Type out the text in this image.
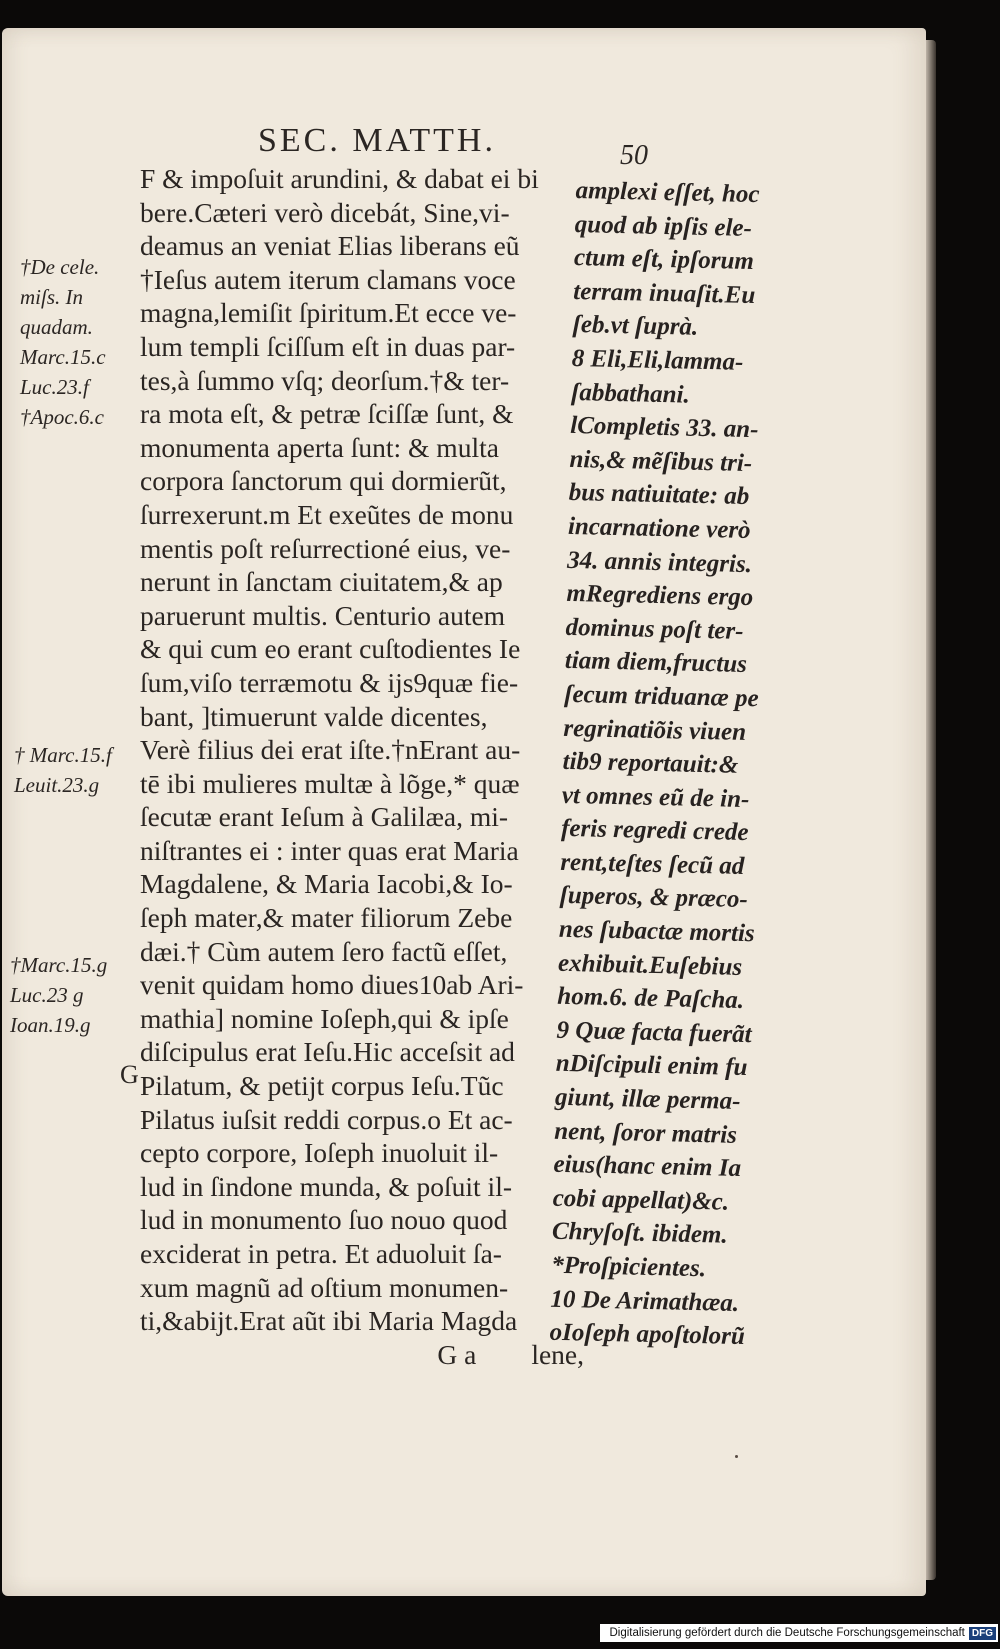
SEC. MATTH.	50
F & impoſuit arundini, & dabat ei bi
bere.Cæteri verò dicebát, Sine,vi-
deamus an veniat Elias liberans eũ
†Ieſus autem iterum clamans voce
magna,lemiſit ſpiritum.Et ecce ve-
lum templi ſciſſum eſt in duas par-
tes,à ſummo vſq; deorſum.†& ter-
ra mota eſt, & petræ ſciſſæ ſunt, &
monumenta aperta ſunt: & multa
corpora ſanctorum qui dormierũt,
ſurrexerunt.m Et exeũtes de monu
mentis poſt reſurrectioné eius, ve-
nerunt in ſanctam ciuitatem,& ap
paruerunt multis. Centurio autem
& qui cum eo erant cuſtodientes Ie
ſum,viſo terræmotu & ijs9quæ fie-
bant, ]timuerunt valde dicentes,
Verè filius dei erat iſte.†nErant au-
tē ibi mulieres multæ à lõge,* quæ
ſecutæ erant Ieſum à Galilæa, mi-
niſtrantes ei : inter quas erat Maria
Magdalene, & Maria Iacobi,& Io-
ſeph mater,& mater filiorum Zebe
dæi.† Cùm autem ſero factũ eſſet,
venit quidam homo diues10ab Ari-
mathia] nomine Ioſeph,qui & ipſe
diſcipulus erat Ieſu.Hic acceſsit ad
Pilatum, & petijt corpus Ieſu.Tũc
Pilatus iuſsit reddi corpus.o Et ac-
cepto corpore, Ioſeph inuoluit il-
lud in ſindone munda, & poſuit il-
lud in monumento ſuo nouo quod
exciderat in petra. Et aduoluit ſa-
xum magnũ ad oſtium monumen-
ti,&abijt.Erat aũt ibi Maria Magda
G a        lene,
amplexi eſſet, hoc
quod ab ipſis ele-
ctum eſt, ipſorum
terram inuaſit.Eu
ſeb.vt ſuprà.
8 Eli,Eli,lamma-
ſabbathani.
lCompletis 33. an-
nis,& mẽſibus tri-
bus natiuitate: ab
incarnatione verò
34. annis integris.
mRegrediens ergo
dominus poſt ter-
tiam diem,fructus
ſecum triduanæ pe
regrinatiõis viuen
tib9 reportauit:&
vt omnes eũ de in-
feris regredi crede
rent,teſtes ſecũ ad
ſuperos, & præco-
nes ſubactæ mortis
exhibuit.Euſebius
hom.6. de Paſcha.
9 Quæ facta fuerãt
nDiſcipuli enim fu
giunt, illæ perma-
nent, ſoror matris
eius(hanc enim Ia
cobi appellat)&c.
Chryſoſt. ibidem.
*Proſpicientes.
10 De Arimathæa.
oIoſeph apoſtolorũ
†De cele.
miſs. In
quadam.
Marc.15.c
Luc.23.f
†Apoc.6.c
† Marc.15.f
Leuit.23.g
†Marc.15.g
Luc.23 g
Ioan.19.g
G
Digitalisierung gefördert durch die Deutsche Forschungsgemeinschaft DFG
